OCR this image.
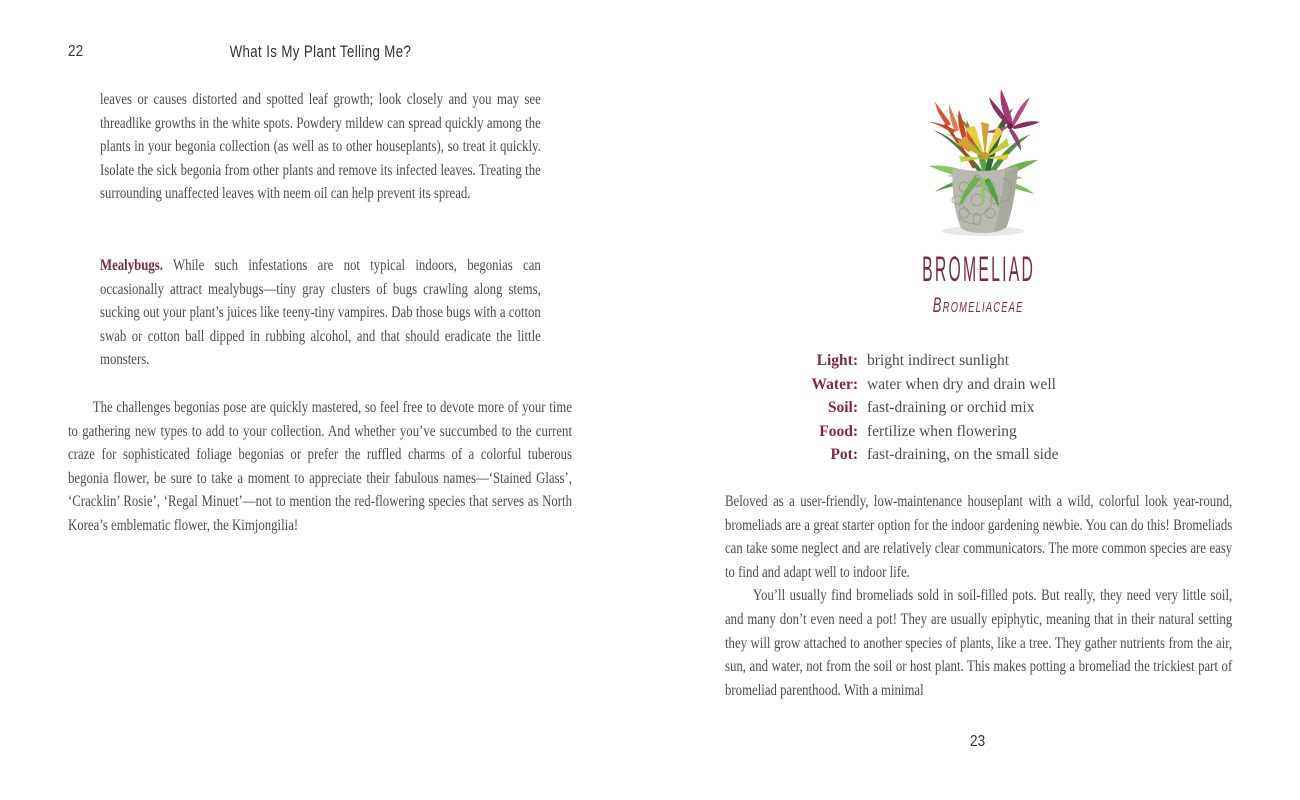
22	What Is My Plant Telling Me?

leaves or causes distorted and spotted leaf growth; look closely and you may see threadlike growths in the white spots. Powdery mildew can spread quickly among the plants in your begonia collection (as well as to other houseplants), so treat it quickly. Isolate the sick begonia from other plants and remove its infected leaves. Treating the surrounding unaffected leaves with neem oil can help prevent its spread.

Mealybugs. While such infestations are not typical indoors, begonias can occasionally attract mealybugs—tiny gray clusters of bugs crawling along stems, sucking out your plant’s juices like teeny-tiny vampires. Dab those bugs with a cotton swab or cotton ball dipped in rubbing alcohol, and that should eradicate the little monsters.

The challenges begonias pose are quickly mastered, so feel free to devote more of your time to gathering new types to add to your collection. And whether you’ve succumbed to the current craze for sophisticated foliage begonias or prefer the ruffled charms of a colorful tuberous begonia flower, be sure to take a moment to appreciate their fabulous names—‘Stained Glass’, ‘Cracklin’ Rosie’, ‘Regal Minuet’—not to mention the red-flowering species that serves as North Korea’s emblematic flower, the Kimjongilia!

BROMELIAD
Bromeliaceae
Light: bright indirect sunlight
Water: water when dry and drain well
Soil: fast-draining or orchid mix
Food: fertilize when flowering
Pot: fast-draining, on the small side

Beloved as a user-friendly, low-maintenance houseplant with a wild, colorful look year-round, bromeliads are a great starter option for the indoor gardening newbie. You can do this! Bromeliads can take some neglect and are relatively clear communicators. The more common species are easy to find and adapt well to indoor life.

You’ll usually find bromeliads sold in soil-filled pots. But really, they need very little soil, and many don’t even need a pot! They are usually epiphytic, meaning that in their natural setting they will grow attached to another species of plants, like a tree. They gather nutrients from the air, sun, and water, not from the soil or host plant. This makes potting a bromeliad the trickiest part of bromeliad parenthood. With a minimal

23
